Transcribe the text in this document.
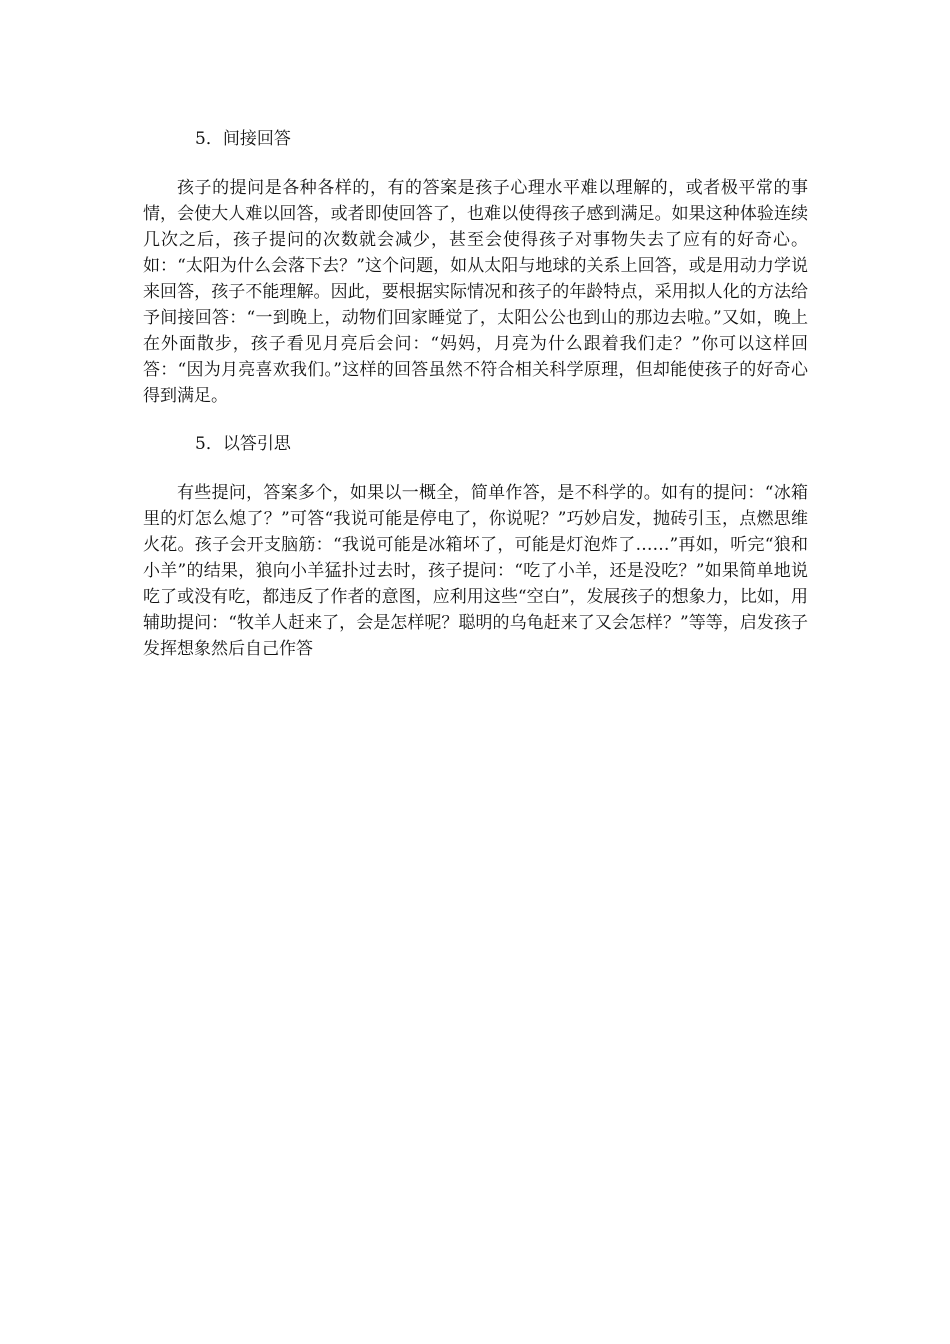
5．间接回答

孩子的提问是各种各样的，有的答案是孩子心理水平难以理解的，或者极平常的事情，会使大人难以回答，或者即使回答了，也难以使得孩子感到满足。如果这种体验连续几次之后，孩子提问的次数就会减少，甚至会使得孩子对事物失去了应有的好奇心。如：“太阳为什么会落下去？”这个问题，如从太阳与地球的关系上回答，或是用动力学说来回答，孩子不能理解。因此，要根据实际情况和孩子的年龄特点，采用拟人化的方法给予间接回答：“一到晚上，动物们回家睡觉了，太阳公公也到山的那边去啦。”又如，晚上在外面散步，孩子看见月亮后会问：“妈妈，月亮为什么跟着我们走？”你可以这样回答：“因为月亮喜欢我们。”这样的回答虽然不符合相关科学原理，但却能使孩子的好奇心得到满足。

5．以答引思

有些提问，答案多个，如果以一概全，简单作答，是不科学的。如有的提问：“冰箱里的灯怎么熄了？”可答“我说可能是停电了，你说呢？”巧妙启发，抛砖引玉，点燃思维火花。孩子会开支脑筋：“我说可能是冰箱坏了，可能是灯泡炸了……”再如，听完“狼和小羊”的结果，狼向小羊猛扑过去时，孩子提问：“吃了小羊，还是没吃？”如果简单地说吃了或没有吃，都违反了作者的意图，应利用这些“空白”，发展孩子的想象力，比如，用辅助提问：“牧羊人赶来了，会是怎样呢？聪明的乌龟赶来了又会怎样？”等等，启发孩子发挥想象然后自己作答
